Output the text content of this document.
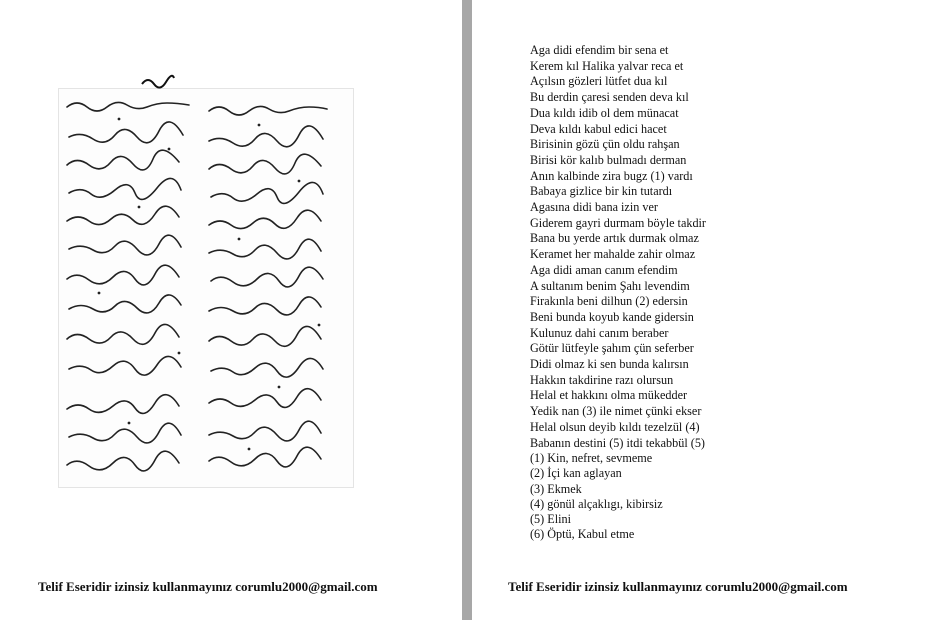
Telif Eseridir izinsiz kullanmayınız corumlu2000@gmail.com
Aga didi efendim bir sena et
Kerem kıl Halika yalvar reca et
Açılsın gözleri lütfet dua kıl
Bu derdin çaresi senden deva kıl
Dua kıldı idib ol dem münacat
Deva kıldı kabul edici hacet
Birisinin gözü çün oldu rahşan
Birisi kör kalıb bulmadı derman
Anın kalbinde zira bugz (1) vardı
Babaya gizlice bir kin tutardı
Agasına didi bana izin ver
Giderem gayri durmam böyle takdir
Bana bu yerde artık durmak olmaz
Keramet her mahalde zahir olmaz
Aga didi aman canım efendim
A sultanım benim Şahı levendim
Firakınla beni dilhun (2) edersin
Beni bunda koyub kande gidersin
Kulunuz dahi canım beraber
Götür lütfeyle şahım çün seferber
Didi olmaz ki sen bunda kalırsın
Hakkın takdirine razı olursun
Helal et hakkını olma mükedder
Yedik nan (3) ile nimet çünki ekser
Helal olsun deyib kıldı tezelzül (4)
Babanın destini (5) itdi tekabbül (5)
(1) Kin, nefret, sevmeme
(2) İçi kan aglayan
(3) Ekmek
(4) gönül alçaklıgı, kibirsiz
(5) Elini
(6) Öptü, Kabul etme
Telif Eseridir izinsiz kullanmayınız corumlu2000@gmail.com
